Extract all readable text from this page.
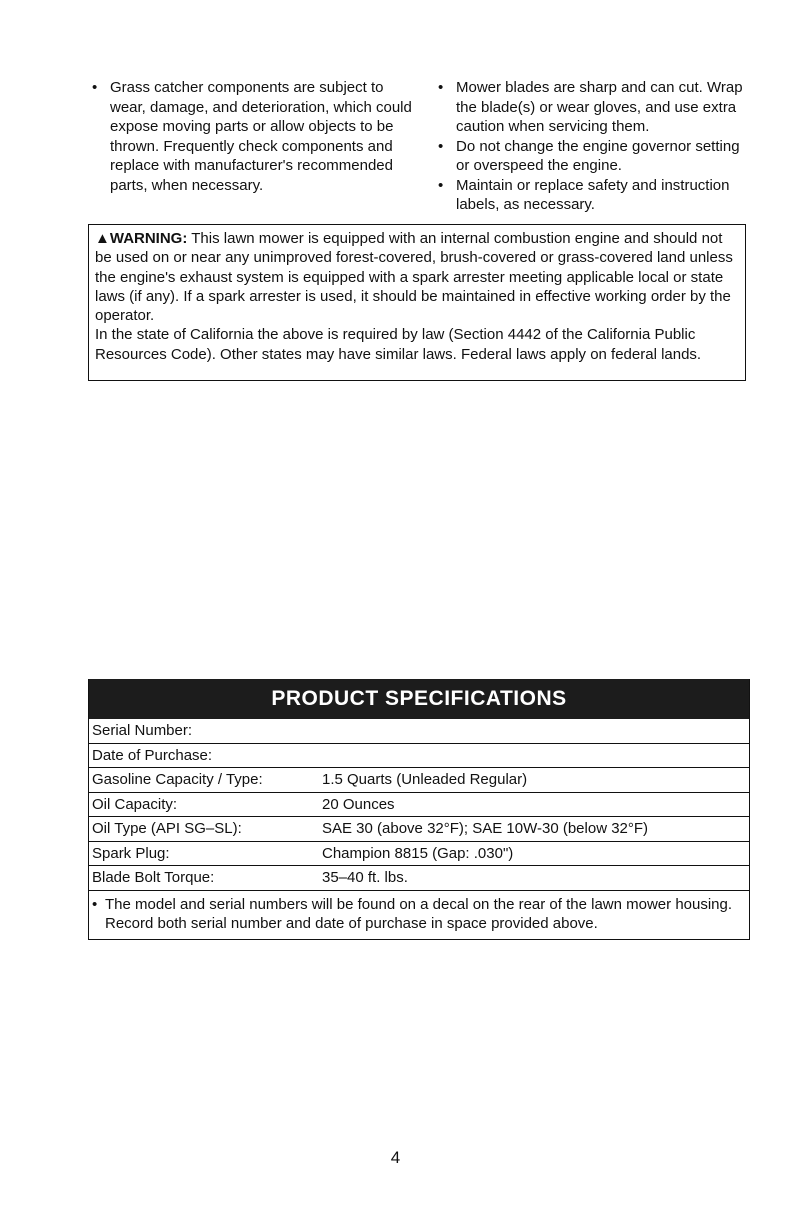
• Grass catcher components are subject to wear, damage, and deterioration, which could expose moving parts or allow objects to be thrown. Frequently check components and replace with manufacturer's recommended parts, when necessary.
• Mower blades are sharp and can cut. Wrap the blade(s) or wear gloves, and use extra caution when servicing them.
• Do not change the engine governor setting or overspeed the engine.
• Maintain or replace safety and instruction labels, as necessary.

▲WARNING: This lawn mower is equipped with an internal combustion engine and should not be used on or near any unimproved forest-covered, brush-covered or grass-covered land unless the engine's exhaust system is equipped with a spark arrester meeting applicable local or state laws (if any). If a spark arrester is used, it should be maintained in effective working order by the operator.

In the state of California the above is required by law (Section 4442 of the California Public Resources Code). Other states may have similar laws. Federal laws apply on federal lands.

PRODUCT SPECIFICATIONS
Serial Number:
Date of Purchase:
Gasoline Capacity / Type:	1.5 Quarts (Unleaded Regular)
Oil Capacity:	20 Ounces
Oil Type (API SG–SL):	SAE 30 (above 32°F); SAE 10W-30 (below 32°F)
Spark Plug:	Champion 8815 (Gap: .030")
Blade Bolt Torque:	35–40 ft. lbs.
• The model and serial numbers will be found on a decal on the rear of the lawn mower housing. Record both serial number and date of purchase in space provided above.
4
